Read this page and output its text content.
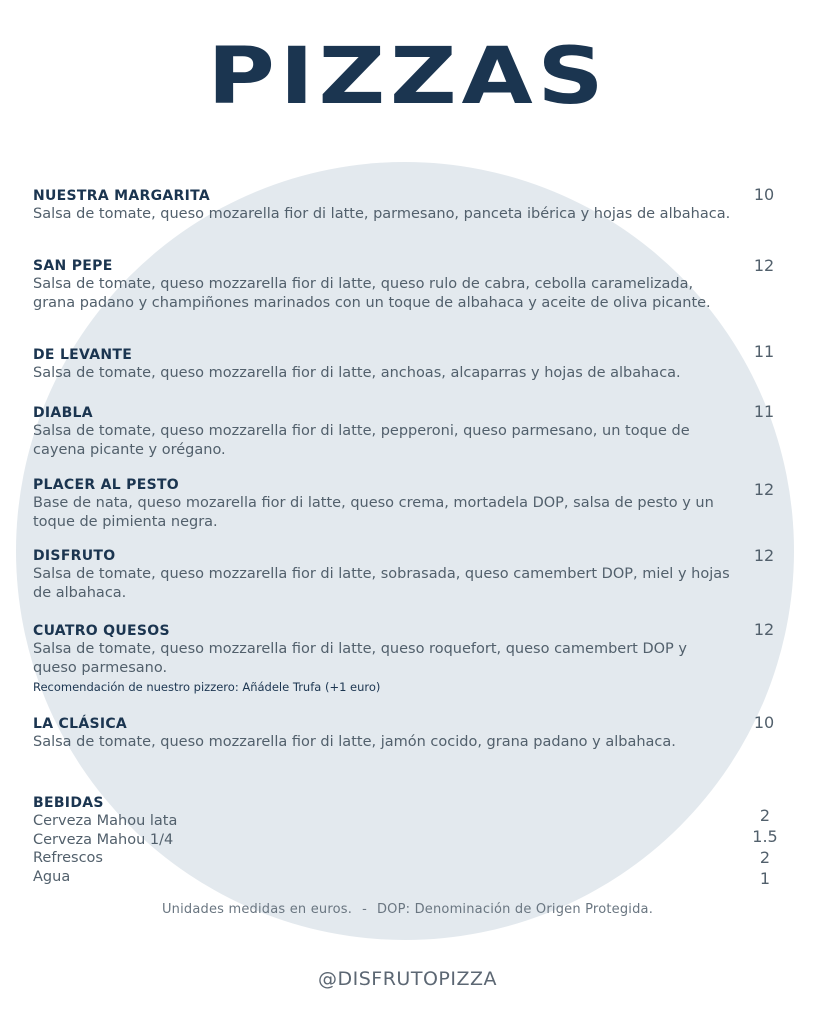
PIZZAS
NUESTRA MARGARITA
Salsa de tomate, queso mozarella fior di latte, parmesano, panceta ibérica y hojas de albahaca.
10
SAN PEPE
Salsa de tomate, queso mozzarella fior di latte, queso rulo de cabra, cebolla caramelizada, grana padano y champiñones marinados con un toque de albahaca y aceite de oliva picante.
12
DE LEVANTE
Salsa de tomate, queso mozzarella fior di latte, anchoas, alcaparras y hojas de albahaca.
11
DIABLA
Salsa de tomate, queso mozzarella fior di latte, pepperoni, queso parmesano, un toque de cayena picante y orégano.
11
PLACER AL PESTO
Base de nata, queso mozarella fior di latte, queso crema, mortadela DOP, salsa de pesto y un toque de pimienta negra.
12
DISFRUTO
Salsa de tomate, queso mozzarella fior di latte, sobrasada, queso camembert DOP, miel y hojas de albahaca.
12
CUATRO QUESOS
Salsa de tomate, queso mozzarella fior di latte, queso roquefort, queso camembert DOP y queso parmesano.
Recomendación de nuestro pizzero: Añádele Trufa (+1 euro)
12
LA CLÁSICA
Salsa de tomate, queso mozzarella fior di latte, jamón cocido, grana padano y albahaca.
10
BEBIDAS
Cerveza Mahou lata	2
Cerveza Mahou 1/4	1.5
Refrescos	2
Agua	1
Unidades medidas en euros. - DOP: Denominación de Origen Protegida.
@DISFRUTOPIZZA
